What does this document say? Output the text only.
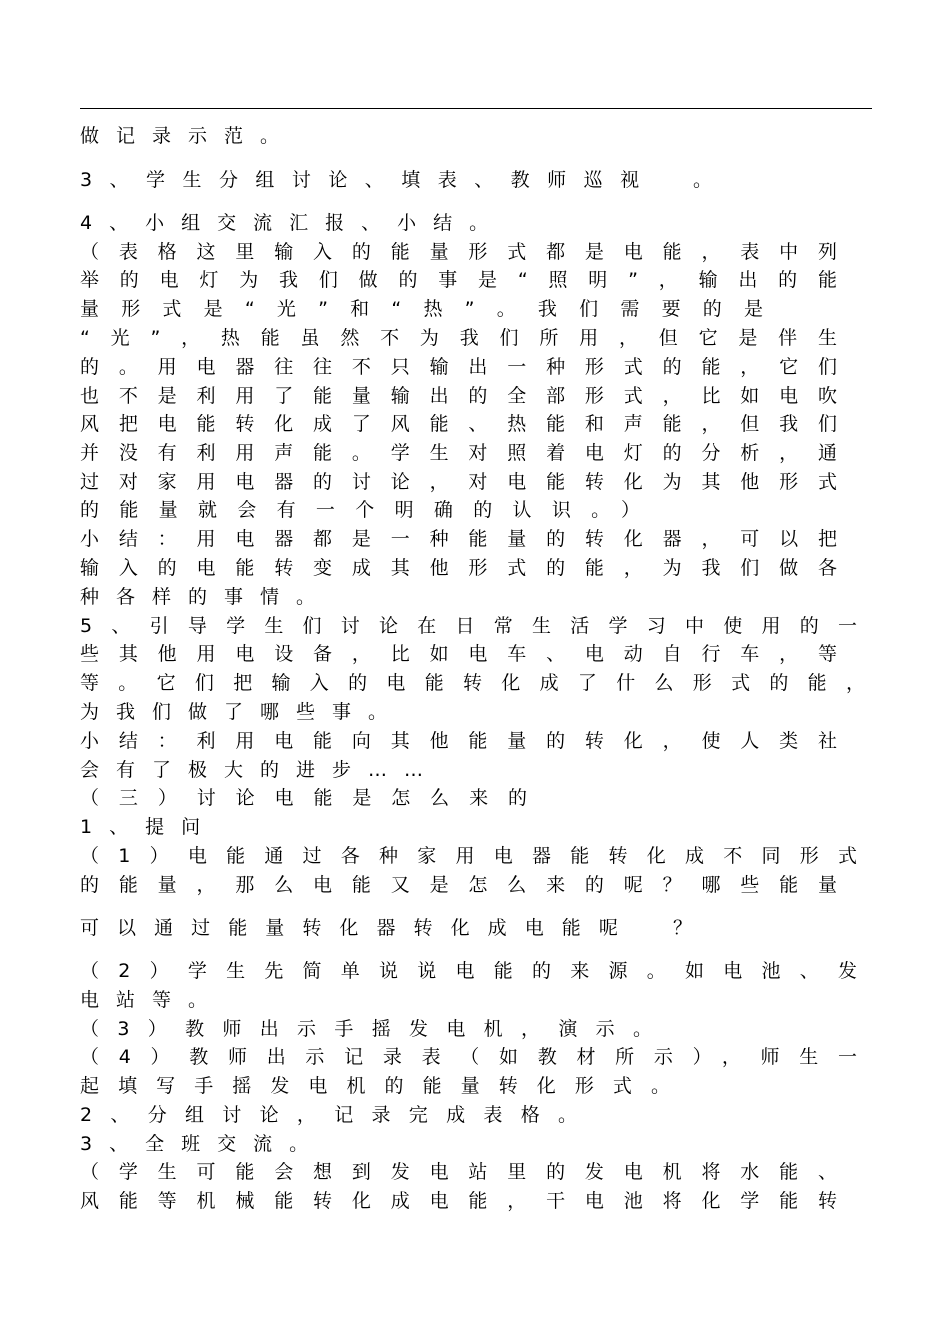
做记录示范。
3、学生分组讨论、填表、教师巡视　。
4、小组交流汇报、小结。
（表格这里输入的能量形式都是电能，表中列
举的电灯为我们做的事是“照明”，输出的能
量形式是“光”和“热”。我们需要的是
“光”，热能虽然不为我们所用，但它是伴生
的。用电器往往不只输出一种形式的能，它们
也不是利用了能量输出的全部形式，比如电吹
风把电能转化成了风能、热能和声能，但我们
并没有利用声能。学生对照着电灯的分析，通
过对家用电器的讨论，对电能转化为其他形式
的能量就会有一个明确的认识。）
小结：用电器都是一种能量的转化器，可以把
输入的电能转变成其他形式的能，为我们做各
种各样的事情。
5、引导学生们讨论在日常生活学习中使用的一
些其他用电设备，比如电车、电动自行车，等
等。它们把输入的电能转化成了什么形式的能，
为我们做了哪些事。
小结：利用电能向其他能量的转化，使人类社
会有了极大的进步……
（三）讨论电能是怎么来的
1、提问
（1）电能通过各种家用电器能转化成不同形式
的能量，那么电能又是怎么来的呢？哪些能量
可以通过能量转化器转化成电能呢　？
（2）学生先简单说说电能的来源。如电池、发
电站等。
（3）教师出示手摇发电机，演示。
（4）教师出示记录表（如教材所示），师生一
起填写手摇发电机的能量转化形式。
2、分组讨论，记录完成表格。
3、全班交流。
（学生可能会想到发电站里的发电机将水能、
风能等机械能转化成电能，干电池将化学能转
